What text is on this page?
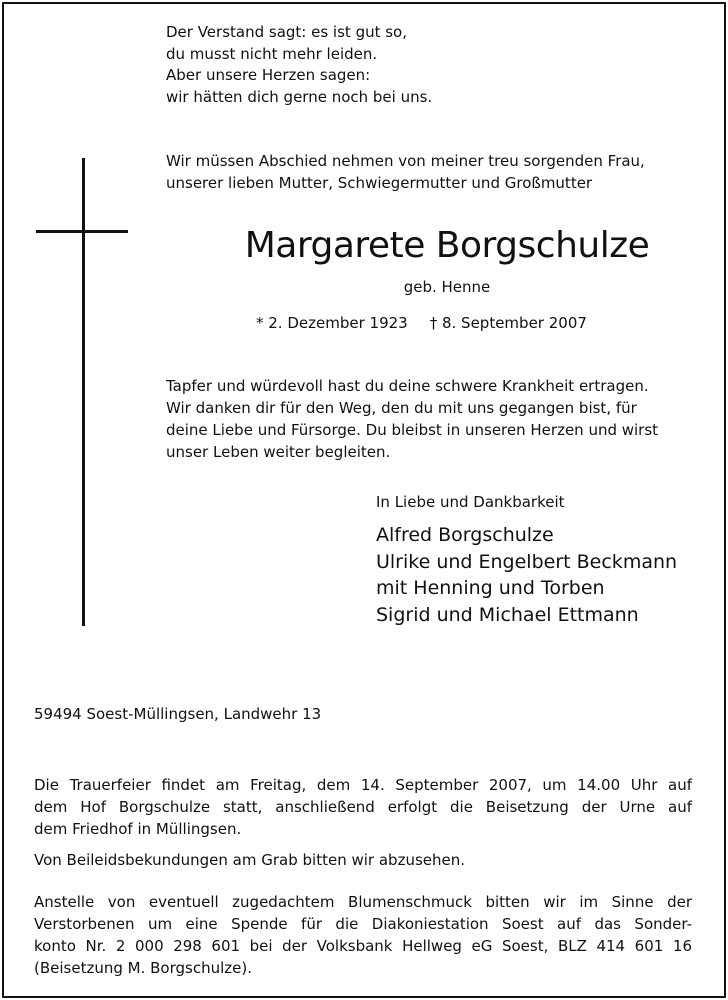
Der Verstand sagt: es ist gut so,
du musst nicht mehr leiden.
Aber unsere Herzen sagen:
wir hätten dich gerne noch bei uns.
Wir müssen Abschied nehmen von meiner treu sorgenden Frau,
unserer lieben Mutter, Schwiegermutter und Großmutter
Margarete Borgschulze
geb. Henne
* 2. Dezember 1923 † 8. September 2007
Tapfer und würdevoll hast du deine schwere Krankheit ertragen.
Wir danken dir für den Weg, den du mit uns gegangen bist, für
deine Liebe und Fürsorge. Du bleibst in unseren Herzen und wirst
unser Leben weiter begleiten.
In Liebe und Dankbarkeit
Alfred Borgschulze
Ulrike und Engelbert Beckmann
mit Henning und Torben
Sigrid und Michael Ettmann
59494 Soest-Müllingsen, Landwehr 13
Die Trauerfeier findet am Freitag, dem 14. September 2007, um 14.00 Uhr auf
dem Hof Borgschulze statt, anschließend erfolgt die Beisetzung der Urne auf
dem Friedhof in Müllingsen.
Von Beileidsbekundungen am Grab bitten wir abzusehen.
Anstelle von eventuell zugedachtem Blumenschmuck bitten wir im Sinne der
Verstorbenen um eine Spende für die Diakoniestation Soest auf das Sonder-
konto Nr. 2 000 298 601 bei der Volksbank Hellweg eG Soest, BLZ 414 601 16
(Beisetzung M. Borgschulze).
